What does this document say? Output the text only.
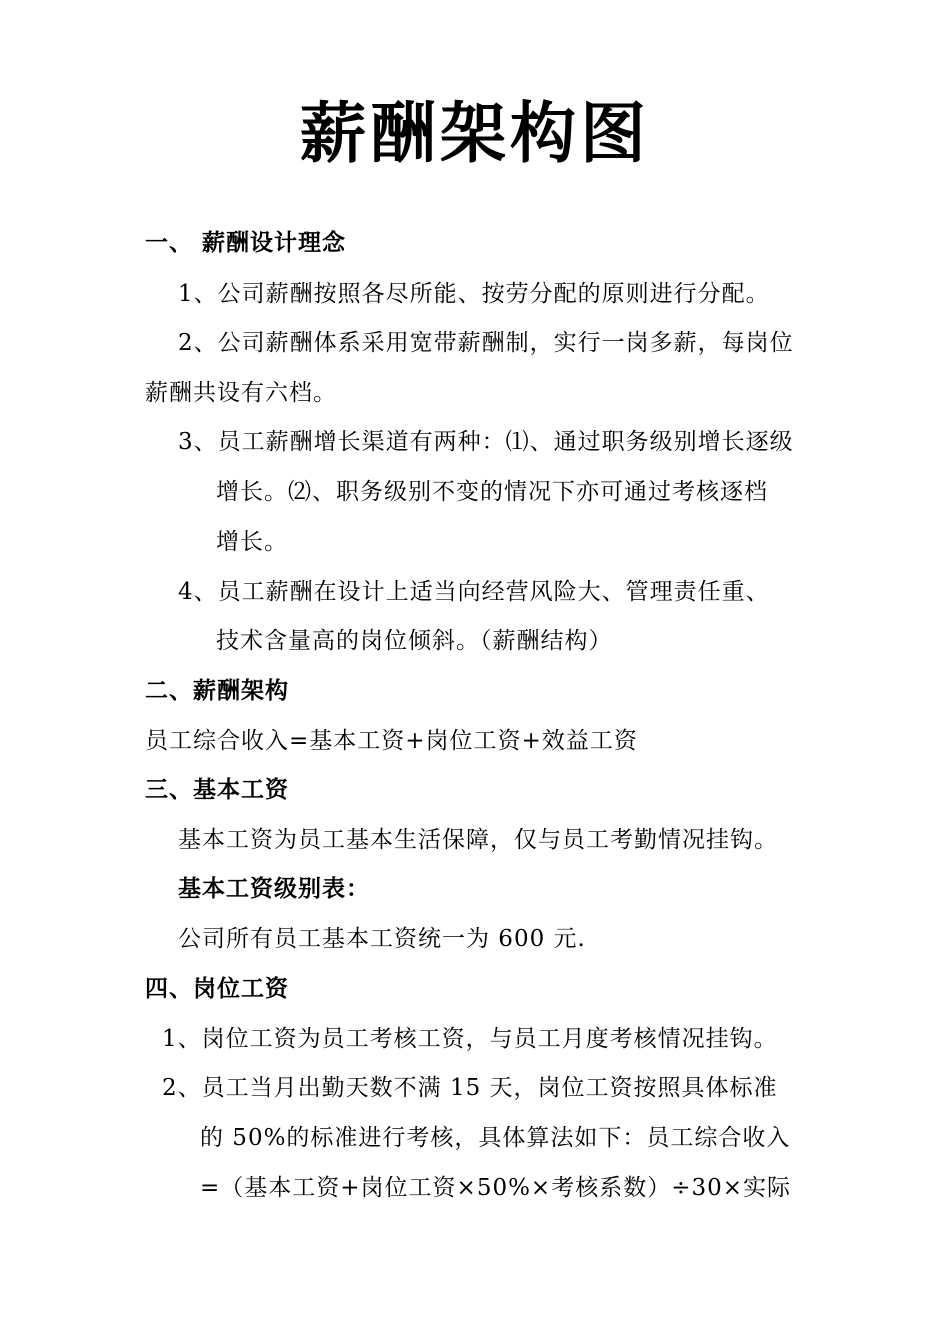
薪酬架构图
一、 薪酬设计理念
1、公司薪酬按照各尽所能、按劳分配的原则进行分配。
2、公司薪酬体系采用宽带薪酬制，实行一岗多薪，每岗位
薪酬共设有六档。
3、员工薪酬增长渠道有两种：⑴、通过职务级别增长逐级
增长。⑵、职务级别不变的情况下亦可通过考核逐档
增长。
4、员工薪酬在设计上适当向经营风险大、管理责任重、
技术含量高的岗位倾斜。（薪酬结构）
二、薪酬架构
员工综合收入=基本工资+岗位工资+效益工资
三、基本工资
基本工资为员工基本生活保障，仅与员工考勤情况挂钩。
基本工资级别表：
公司所有员工基本工资统一为 600 元.
四、岗位工资
1、岗位工资为员工考核工资，与员工月度考核情况挂钩。
2、员工当月出勤天数不满 15 天，岗位工资按照具体标准
的 50%的标准进行考核，具体算法如下：员工综合收入
=（基本工资+岗位工资×50%×考核系数）÷30×实际
